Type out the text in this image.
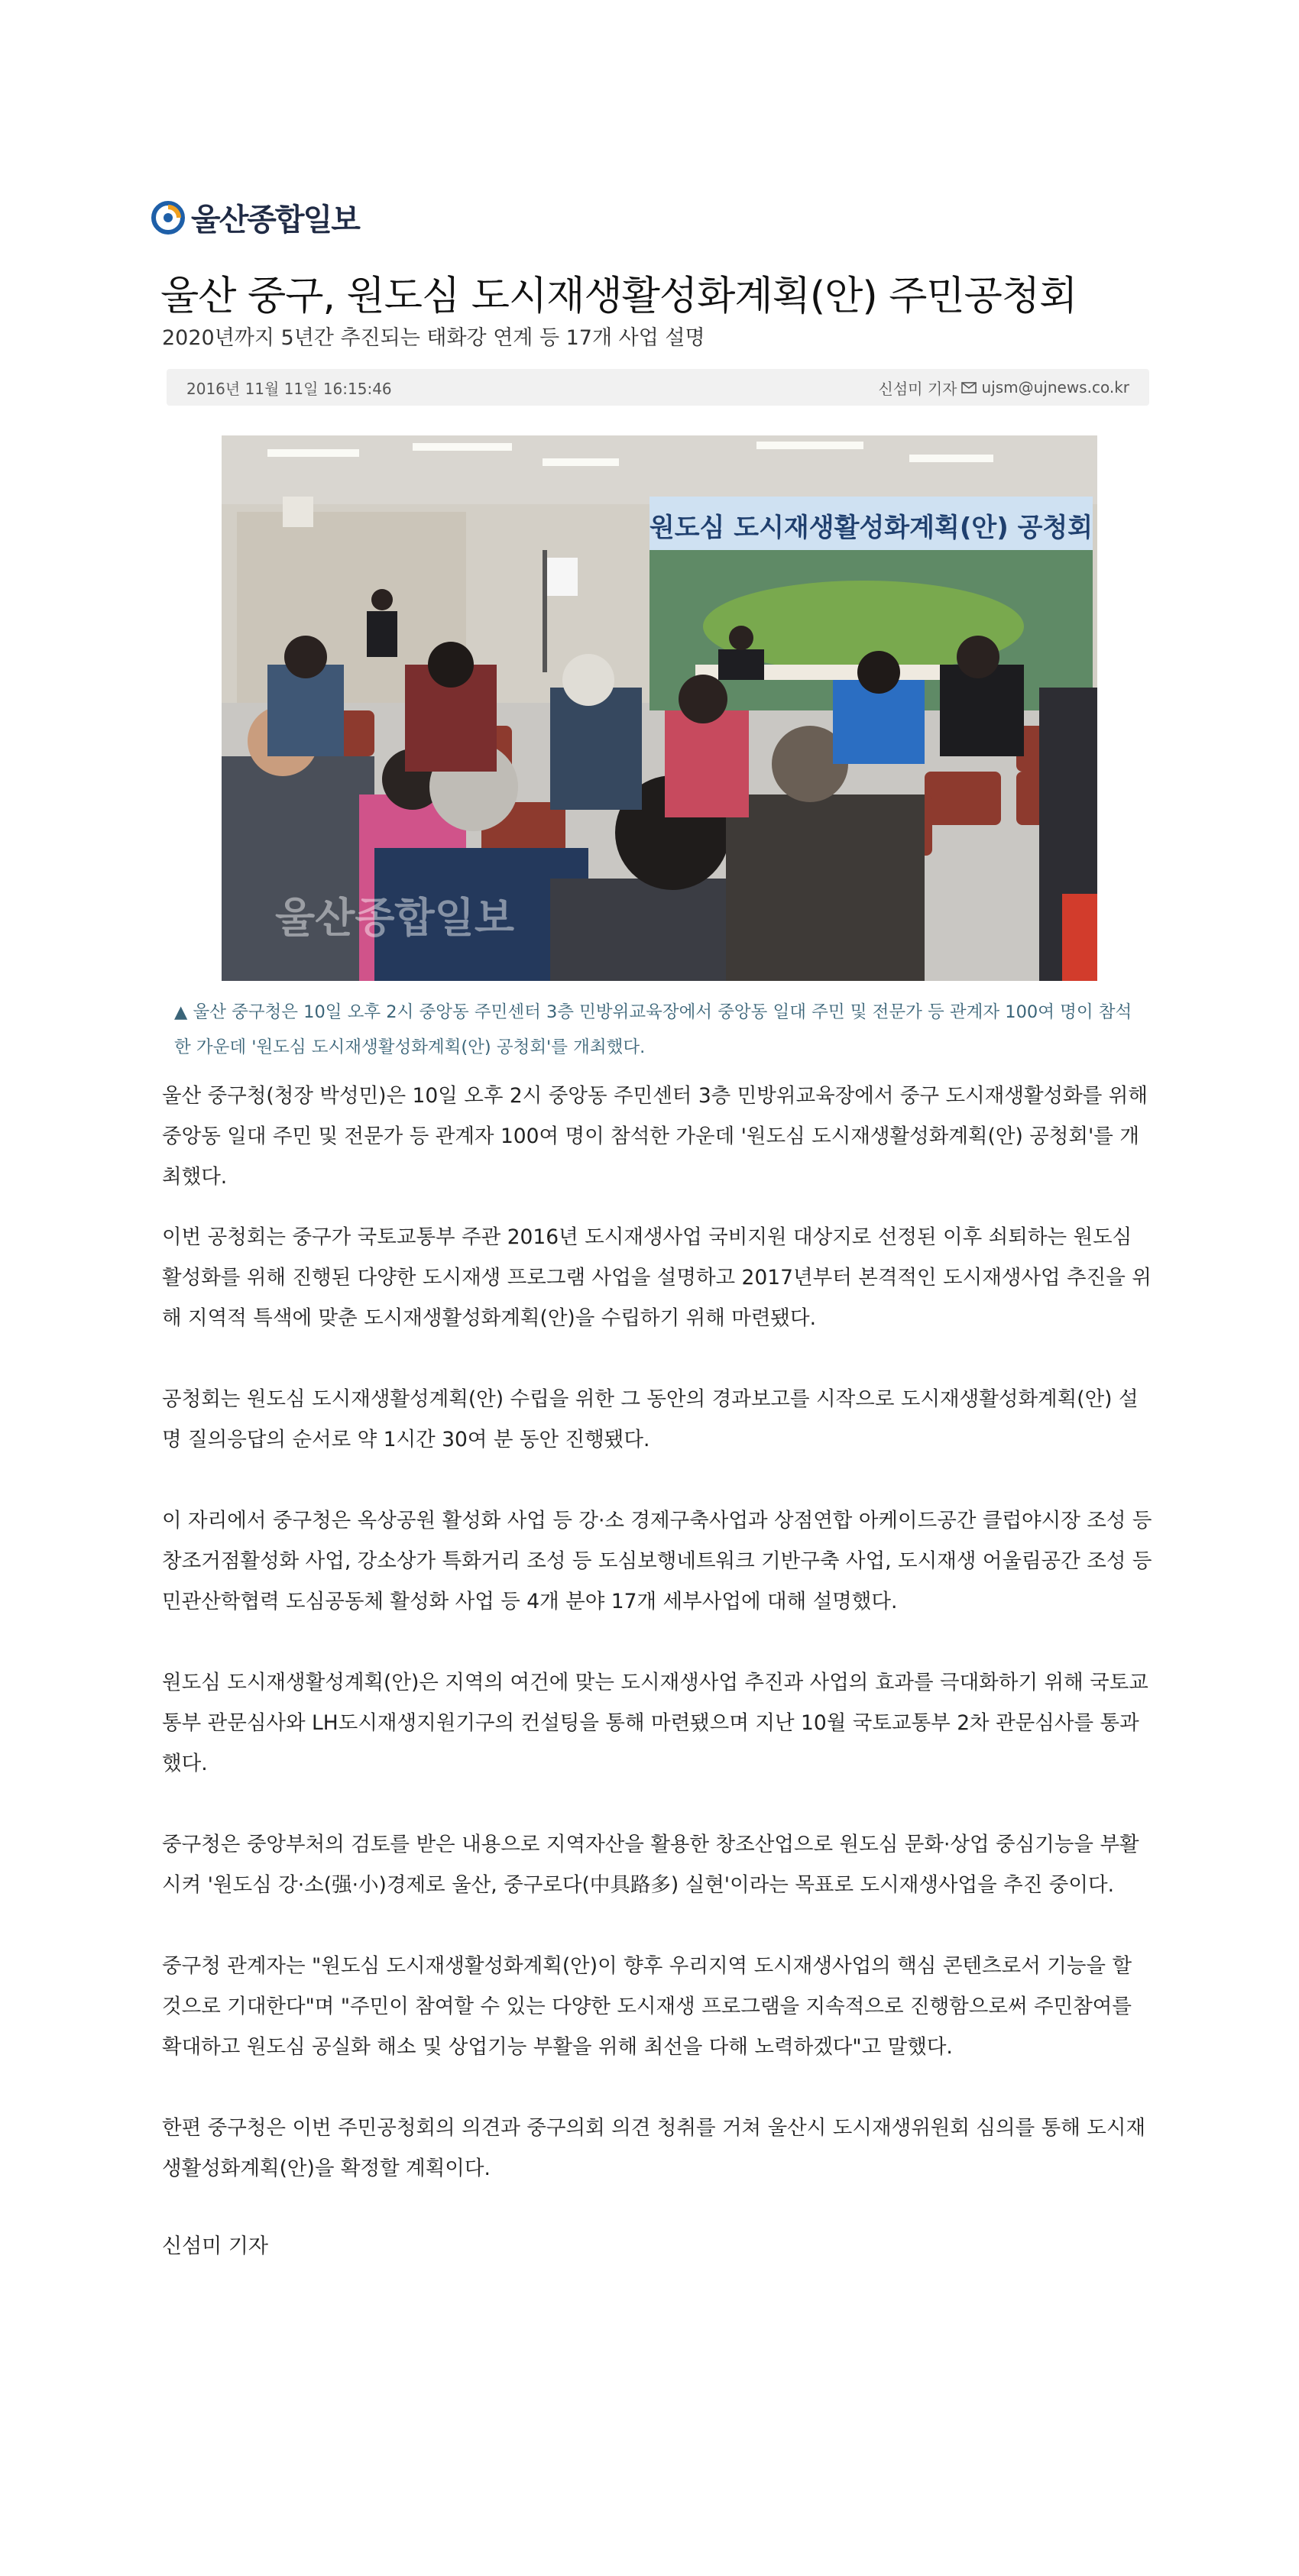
울산종합일보
울산 중구, 원도심 도시재생활성화계획(안) 주민공청회

2020년까지 5년간 추진되는 태화강 연계 등 17개 사업 설명

2016년 11월 11일 16:15:46	신섬미 기자 ujsm@ujnews.co.kr
원도심 도시재생활성화계획(안) 공청회
울산종합일보

▲ 울산 중구청은 10일 오후 2시 중앙동 주민센터 3층 민방위교육장에서 중앙동 일대 주민 및 전문가 등 관계자 100여 명이 참석한 가운데 '원도심 도시재생활성화계획(안) 공청회'를 개최했다.

울산 중구청(청장 박성민)은 10일 오후 2시 중앙동 주민센터 3층 민방위교육장에서 중구 도시재생활성화를 위해 중앙동 일대 주민 및 전문가 등 관계자 100여 명이 참석한 가운데 '원도심 도시재생활성화계획(안) 공청회'를 개최했다.

이번 공청회는 중구가 국토교통부 주관 2016년 도시재생사업 국비지원 대상지로 선정된 이후 쇠퇴하는 원도심 활성화를 위해 진행된 다양한 도시재생 프로그램 사업을 설명하고 2017년부터 본격적인 도시재생사업 추진을 위해 지역적 특색에 맞춘 도시재생활성화계획(안)을 수립하기 위해 마련됐다.

공청회는 원도심 도시재생활성계획(안) 수립을 위한 그 동안의 경과보고를 시작으로 도시재생활성화계획(안) 설명 질의응답의 순서로 약 1시간 30여 분 동안 진행됐다.

이 자리에서 중구청은 옥상공원 활성화 사업 등 강·소 경제구축사업과 상점연합 아케이드공간 클럽야시장 조성 등 창조거점활성화 사업, 강소상가 특화거리 조성 등 도심보행네트워크 기반구축 사업, 도시재생 어울림공간 조성 등 민관산학협력 도심공동체 활성화 사업 등 4개 분야 17개 세부사업에 대해 설명했다.

원도심 도시재생활성계획(안)은 지역의 여건에 맞는 도시재생사업 추진과 사업의 효과를 극대화하기 위해 국토교통부 관문심사와 LH도시재생지원기구의 컨설팅을 통해 마련됐으며 지난 10월 국토교통부 2차 관문심사를 통과했다.

중구청은 중앙부처의 검토를 받은 내용으로 지역자산을 활용한 창조산업으로 원도심 문화·상업 중심기능을 부활시켜 '원도심 강·소(强·小)경제로 울산, 중구로다(中具路多) 실현'이라는 목표로 도시재생사업을 추진 중이다.

중구청 관계자는 "원도심 도시재생활성화계획(안)이 향후 우리지역 도시재생사업의 핵심 콘텐츠로서 기능을 할 것으로 기대한다"며 "주민이 참여할 수 있는 다양한 도시재생 프로그램을 지속적으로 진행함으로써 주민참여를 확대하고 원도심 공실화 해소 및 상업기능 부활을 위해 최선을 다해 노력하겠다"고 말했다.

한편 중구청은 이번 주민공청회의 의견과 중구의회 의견 청취를 거쳐 울산시 도시재생위원회 심의를 통해 도시재생활성화계획(안)을 확정할 계획이다.

신섬미 기자
